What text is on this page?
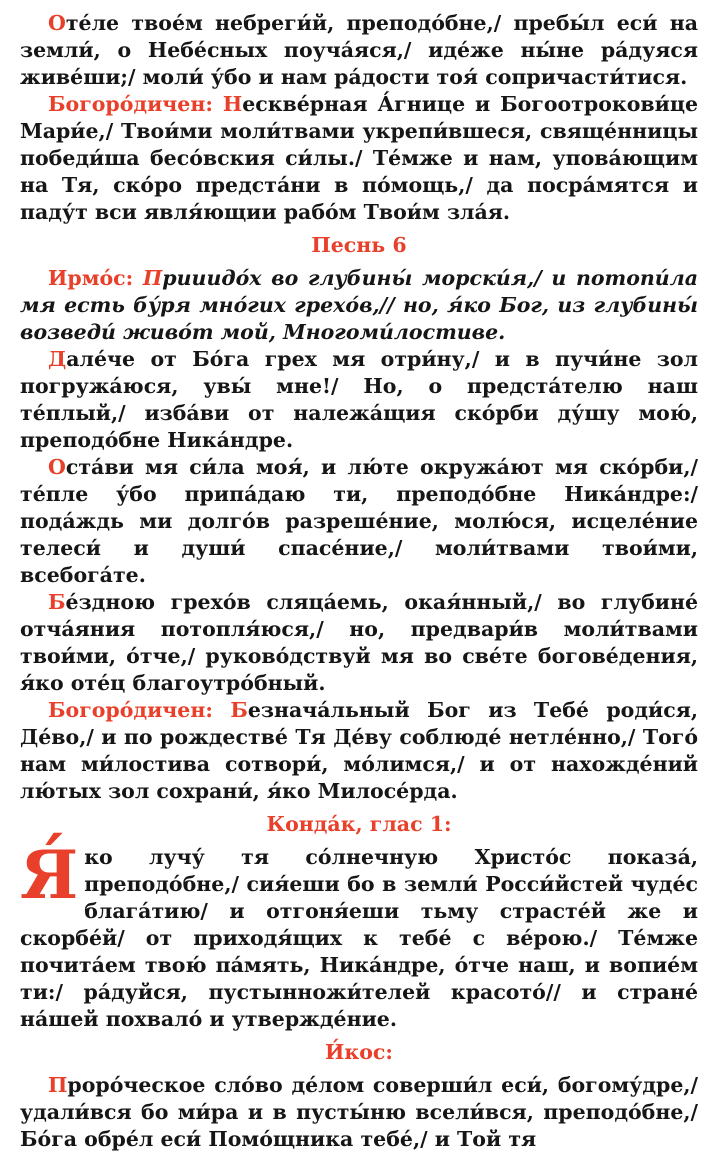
Оте́ле твое́м небреги́й, преподо́бне,/ пребы́л еси́ на земли́, о Небе́сных поуча́яся,/ иде́же ны́не ра́дуяся живе́ши;/ моли́ у́бо и нам ра́дости тоя́ сопричасти́тися.

Богоро́дичен: Нескве́рная А́гнице и Богоотрокови́це Мари́е,/ Твои́ми моли́твами укрепи́вшеся, свяще́нницы победи́ша бесо́вския си́лы./ Те́мже и нам, упова́ющим на Тя, ско́ро предста́ни в по́мощь,/ да посра́мятся и паду́т вси явля́ющии рабо́м Твои́м зла́я.

Песнь 6

Ирмо́с: Прииидо́х во глубины́ морски́я,/ и потопи́ла мя есть бу́ря мно́гих грехо́в,// но, я́ко Бог, из глубины́ возведи́ живо́т мой, Многоми́лостиве.

Дале́че от Бо́га грех мя отри́ну,/ и в пучи́не зол погружа́юся, увы́ мне!/ Но, о предста́телю наш те́плый,/ изба́ви от належа́щия ско́рби ду́шу мою́, преподо́бне Ника́ндре.

Оста́ви мя си́ла моя́, и лю́те окружа́ют мя ско́рби,/ те́пле у́бо припа́даю ти, преподо́бне Ника́ндре:/ пода́ждь ми долго́в разреше́ние, молю́ся, исцеле́ние телеси́ и души́ спасе́ние,/ моли́твами твои́ми, всебога́те.

Бе́здною грехо́в сляца́емь, окая́нный,/ во глубине́ отча́яния потопля́юся,/ но, предвари́в моли́твами твои́ми, о́тче,/ руково́дствуй мя во све́те богове́дения, я́ко оте́ц благоутро́бный.

Богоро́дичен: Безнача́льный Бог из Тебе́ роди́ся, Де́во,/ и по рождестве́ Тя Де́ву соблюде́ нетле́нно,/ Того́ нам ми́лостива сотвори́, мо́лимся,/ и от нахожде́ний лю́тых зол сохрани́, я́ко Милосе́рда.

Конда́к, глас 1:

Я́ко лучу́ тя со́лнечную Христо́с показа́, преподо́бне,/ сия́еши бо в земли́ Росси́йстей чуде́с блага́тию/ и отгоня́еши тьму страсте́й же и скорбе́й/ от приходя́щих к тебе́ с ве́рою./ Те́мже почита́ем твою́ па́мять, Ника́ндре, о́тче наш, и вопие́м ти:/ ра́дуйся, пустынножи́телей красото́// и стране́ на́шей похвало́ и утвержде́ние.

И́кос:

Проро́ческое сло́во де́лом соверши́л еси́, богому́дре,/ удали́вся бо ми́ра и в пусты́ню всели́вся, преподо́бне,/ Бо́га обре́л еси́ Помо́щника тебе́,/ и Той тя
